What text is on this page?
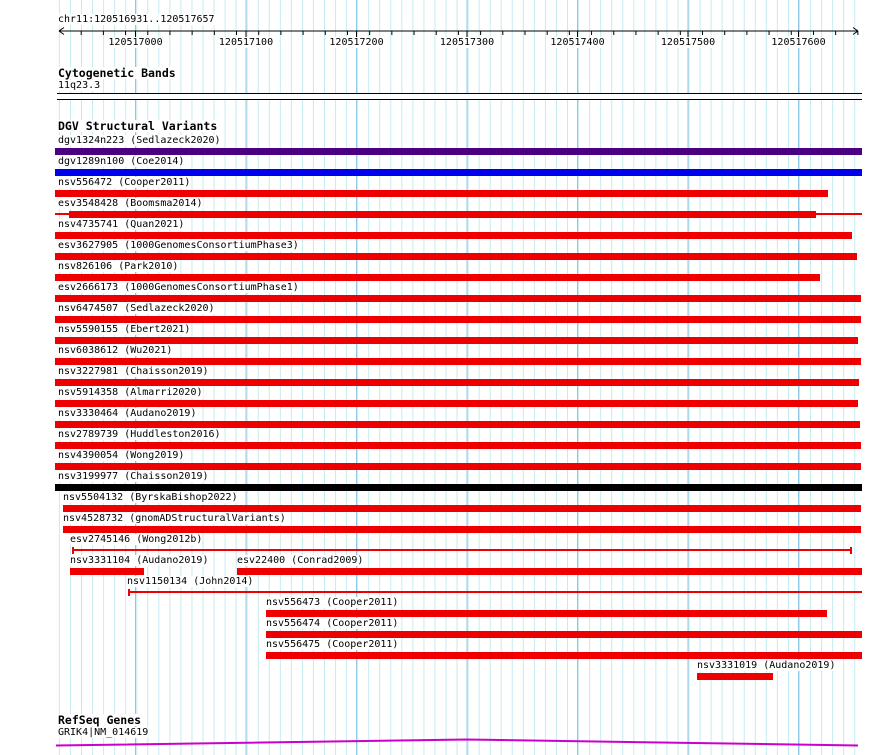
chr11:120516931..120517657
120517000	120517100	120517200	120517300	120517400	120517500	120517600
Cytogenetic Bands
11q23.3
DGV Structural Variants
dgv1324n223 (Sedlazeck2020)
dgv1289n100 (Coe2014)
nsv556472 (Cooper2011)
esv3548428 (Boomsma2014)
nsv4735741 (Quan2021)
esv3627905 (1000GenomesConsortiumPhase3)
nsv826106 (Park2010)
esv2666173 (1000GenomesConsortiumPhase1)
nsv6474507 (Sedlazeck2020)
nsv5590155 (Ebert2021)
nsv6038612 (Wu2021)
nsv3227981 (Chaisson2019)
nsv5914358 (Almarri2020)
nsv3330464 (Audano2019)
nsv2789739 (Huddleston2016)
nsv4390054 (Wong2019)
nsv3199977 (Chaisson2019)
nsv5504132 (ByrskaBishop2022)
nsv4528732 (gnomADStructuralVariants)
esv2745146 (Wong2012b)
nsv3331104 (Audano2019)	esv22400 (Conrad2009)
nsv1150134 (John2014)
nsv556473 (Cooper2011)
nsv556474 (Cooper2011)
nsv556475 (Cooper2011)
nsv3331019 (Audano2019)
RefSeq Genes
GRIK4|NM_014619
